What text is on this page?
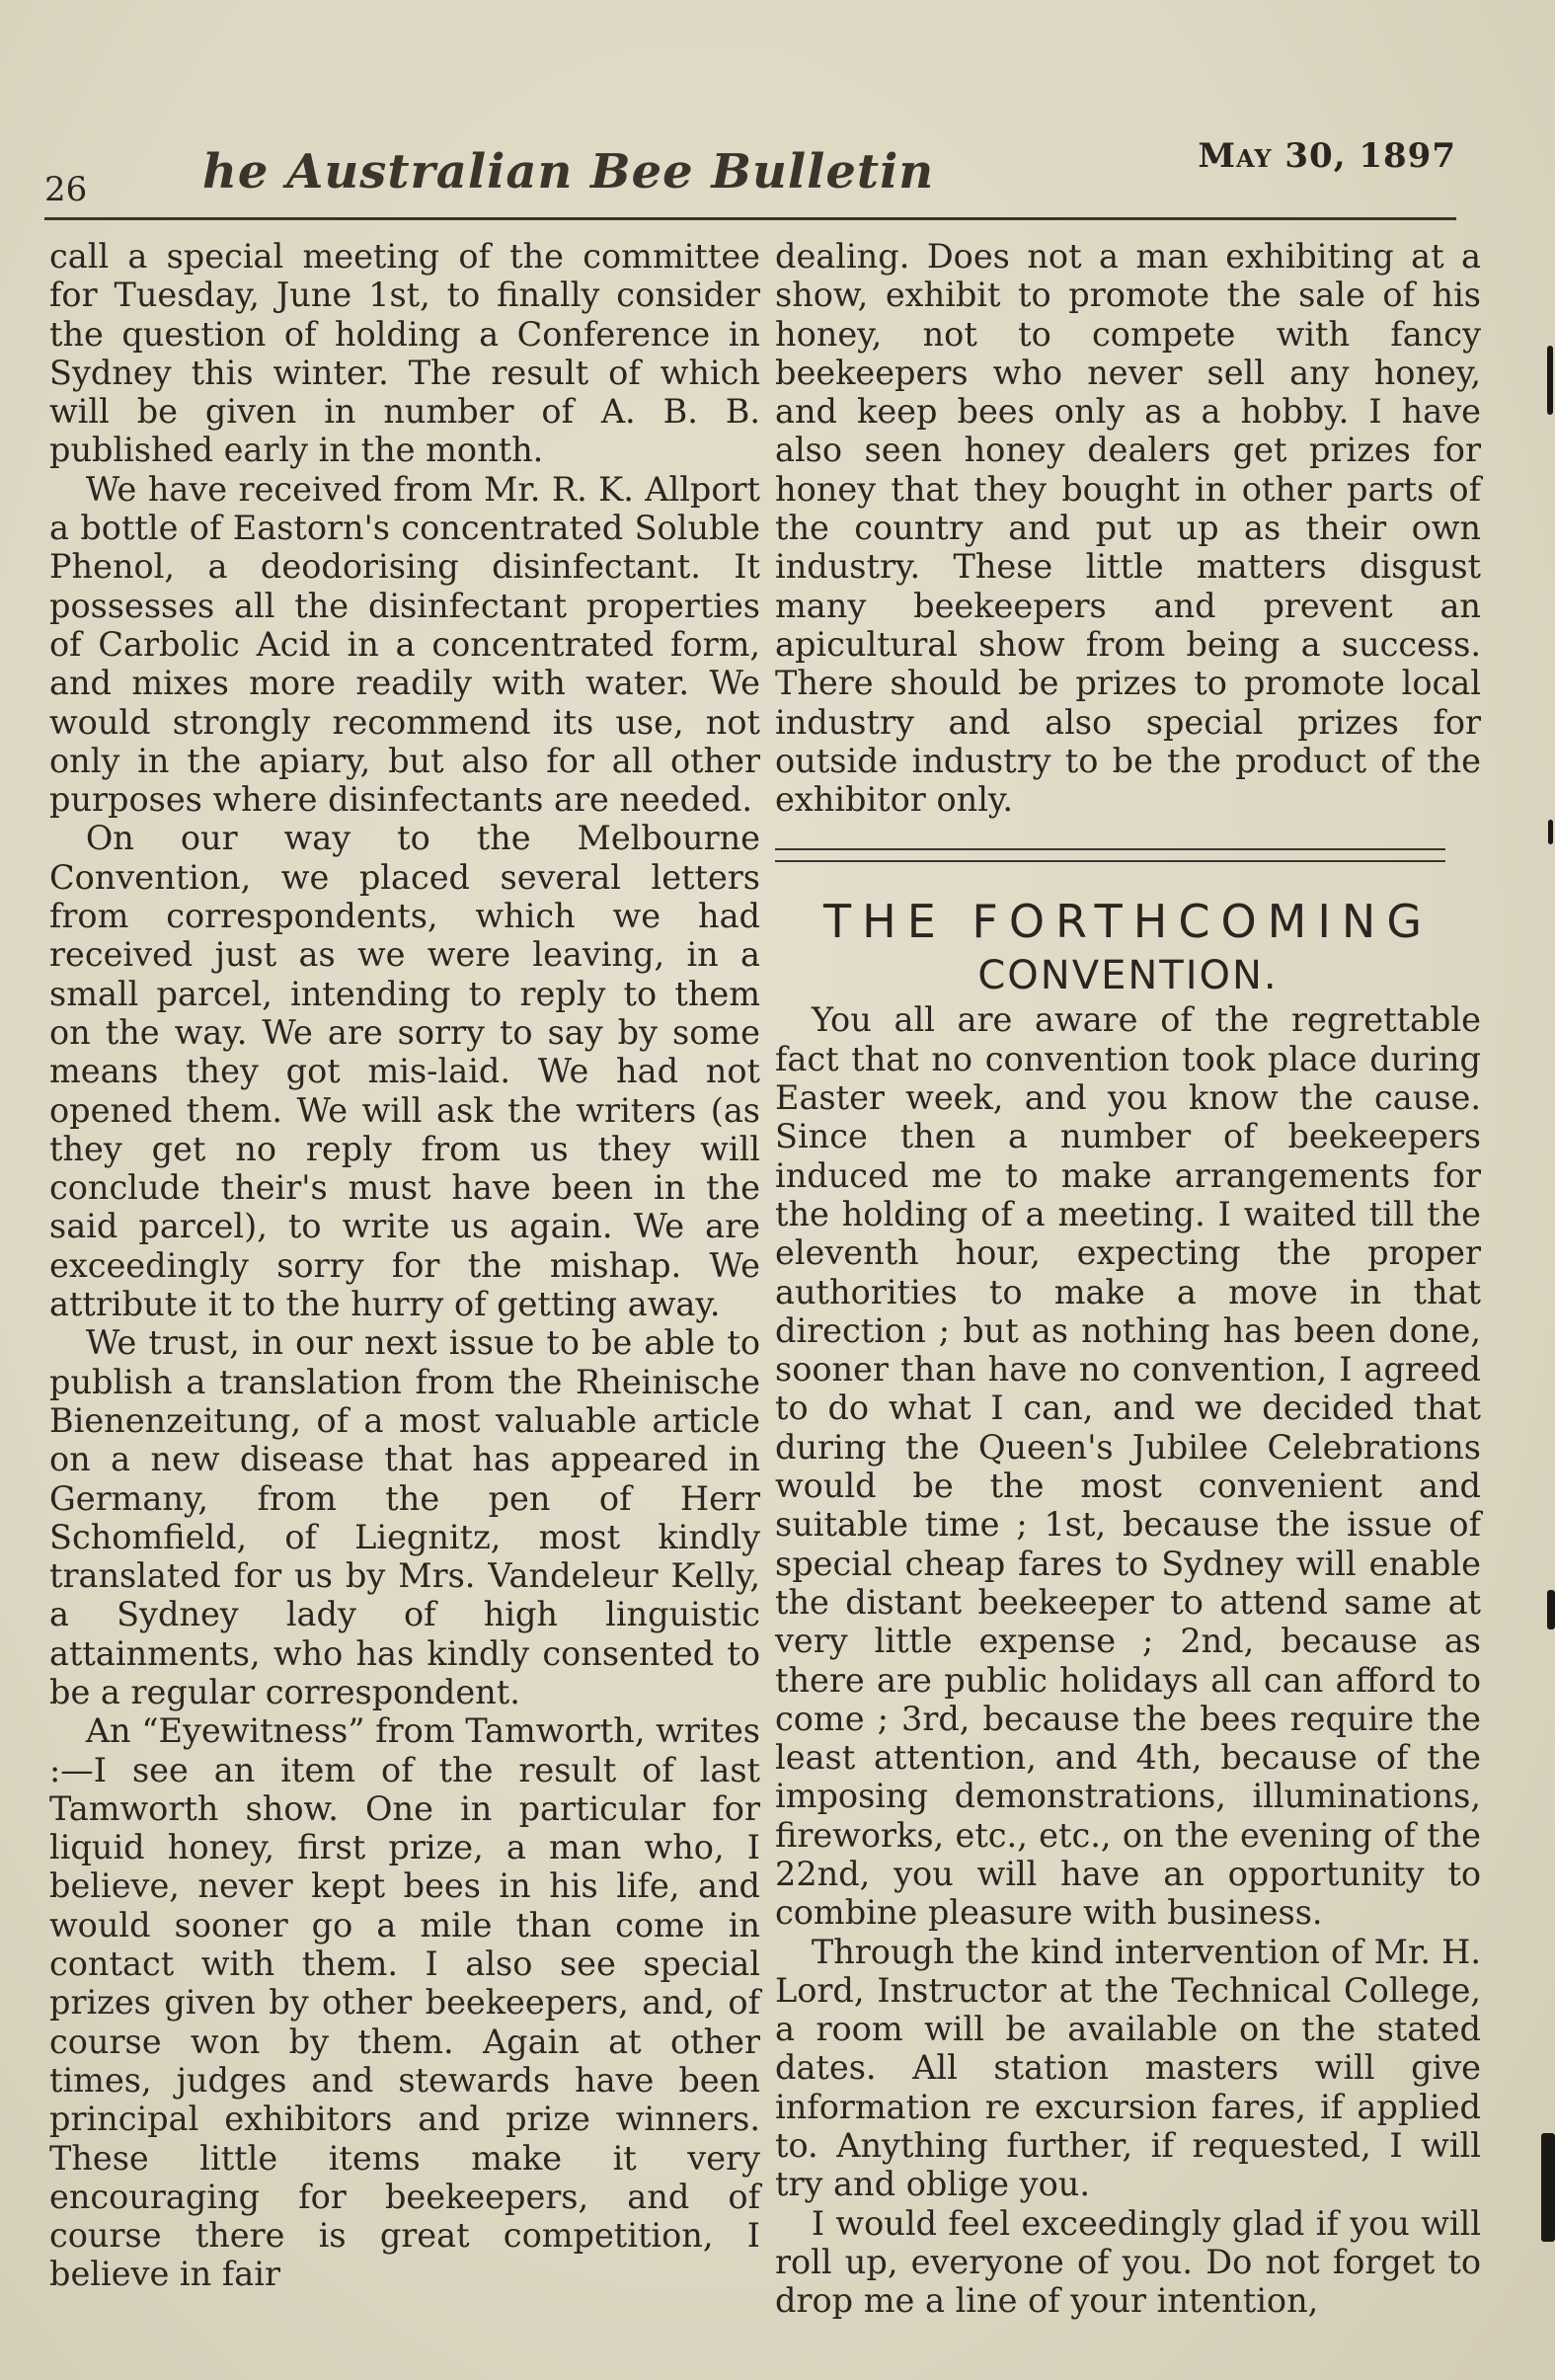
26 he Australian Bee Bulletin	May 30, 1897

call a special meeting of the committee for Tuesday, June 1st, to finally consider the question of holding a Conference in Sydney this winter. The result of which will be given in number of A. B. B. published early in the month.

We have received from Mr. R. K. Allport a bottle of Eastorn's concentrated Soluble Phenol, a deodorising disinfectant. It possesses all the disinfectant properties of Carbolic Acid in a concentrated form, and mixes more readily with water. We would strongly recommend its use, not only in the apiary, but also for all other purposes where disinfectants are needed.

On our way to the Melbourne Convention, we placed several letters from correspondents, which we had received just as we were leaving, in a small parcel, intending to reply to them on the way. We are sorry to say by some means they got mis-laid. We had not opened them. We will ask the writers (as they get no reply from us they will conclude their's must have been in the said parcel), to write us again. We are exceedingly sorry for the mishap. We attribute it to the hurry of getting away.

We trust, in our next issue to be able to publish a translation from the Rheinische Bienenzeitung, of a most valuable article on a new disease that has appeared in Germany, from the pen of Herr Schomfield, of Liegnitz, most kindly translated for us by Mrs. Vandeleur Kelly, a Sydney lady of high linguistic attainments, who has kindly consented to be a regular correspondent.

An “Eyewitness” from Tamworth, writes :—I see an item of the result of last Tamworth show. One in particular for liquid honey, first prize, a man who, I believe, never kept bees in his life, and would sooner go a mile than come in contact with them. I also see special prizes given by other beekeepers, and, of course won by them. Again at other times, judges and stewards have been principal exhibitors and prize winners. These little items make it very encouraging for beekeepers, and of course there is great competition, I believe in fair

dealing. Does not a man exhibiting at a show, exhibit to promote the sale of his honey, not to compete with fancy beekeepers who never sell any honey, and keep bees only as a hobby. I have also seen honey dealers get prizes for honey that they bought in other parts of the country and put up as their own industry. These little matters disgust many beekeepers and prevent an apicultural show from being a success. There should be prizes to promote local industry and also special prizes for outside industry to be the product of the exhibitor only.

THE FORTHCOMING
CONVENTION.

You all are aware of the regrettable fact that no convention took place during Easter week, and you know the cause. Since then a number of beekeepers induced me to make arrangements for the holding of a meeting. I waited till the eleventh hour, expecting the proper authorities to make a move in that direction ; but as nothing has been done, sooner than have no convention, I agreed to do what I can, and we decided that during the Queen's Jubilee Celebrations would be the most convenient and suitable time ; 1st, because the issue of special cheap fares to Sydney will enable the distant beekeeper to attend same at very little expense ; 2nd, because as there are public holidays all can afford to come ; 3rd, because the bees require the least attention, and 4th, because of the imposing demonstrations, illuminations, fireworks, etc., etc., on the evening of the 22nd, you will have an opportunity to combine pleasure with business.

Through the kind intervention of Mr. H. Lord, Instructor at the Technical College, a room will be available on the stated dates. All station masters will give information re excursion fares, if applied to. Anything further, if requested, I will try and oblige you.

I would feel exceedingly glad if you will roll up, everyone of you. Do not forget to drop me a line of your intention,
